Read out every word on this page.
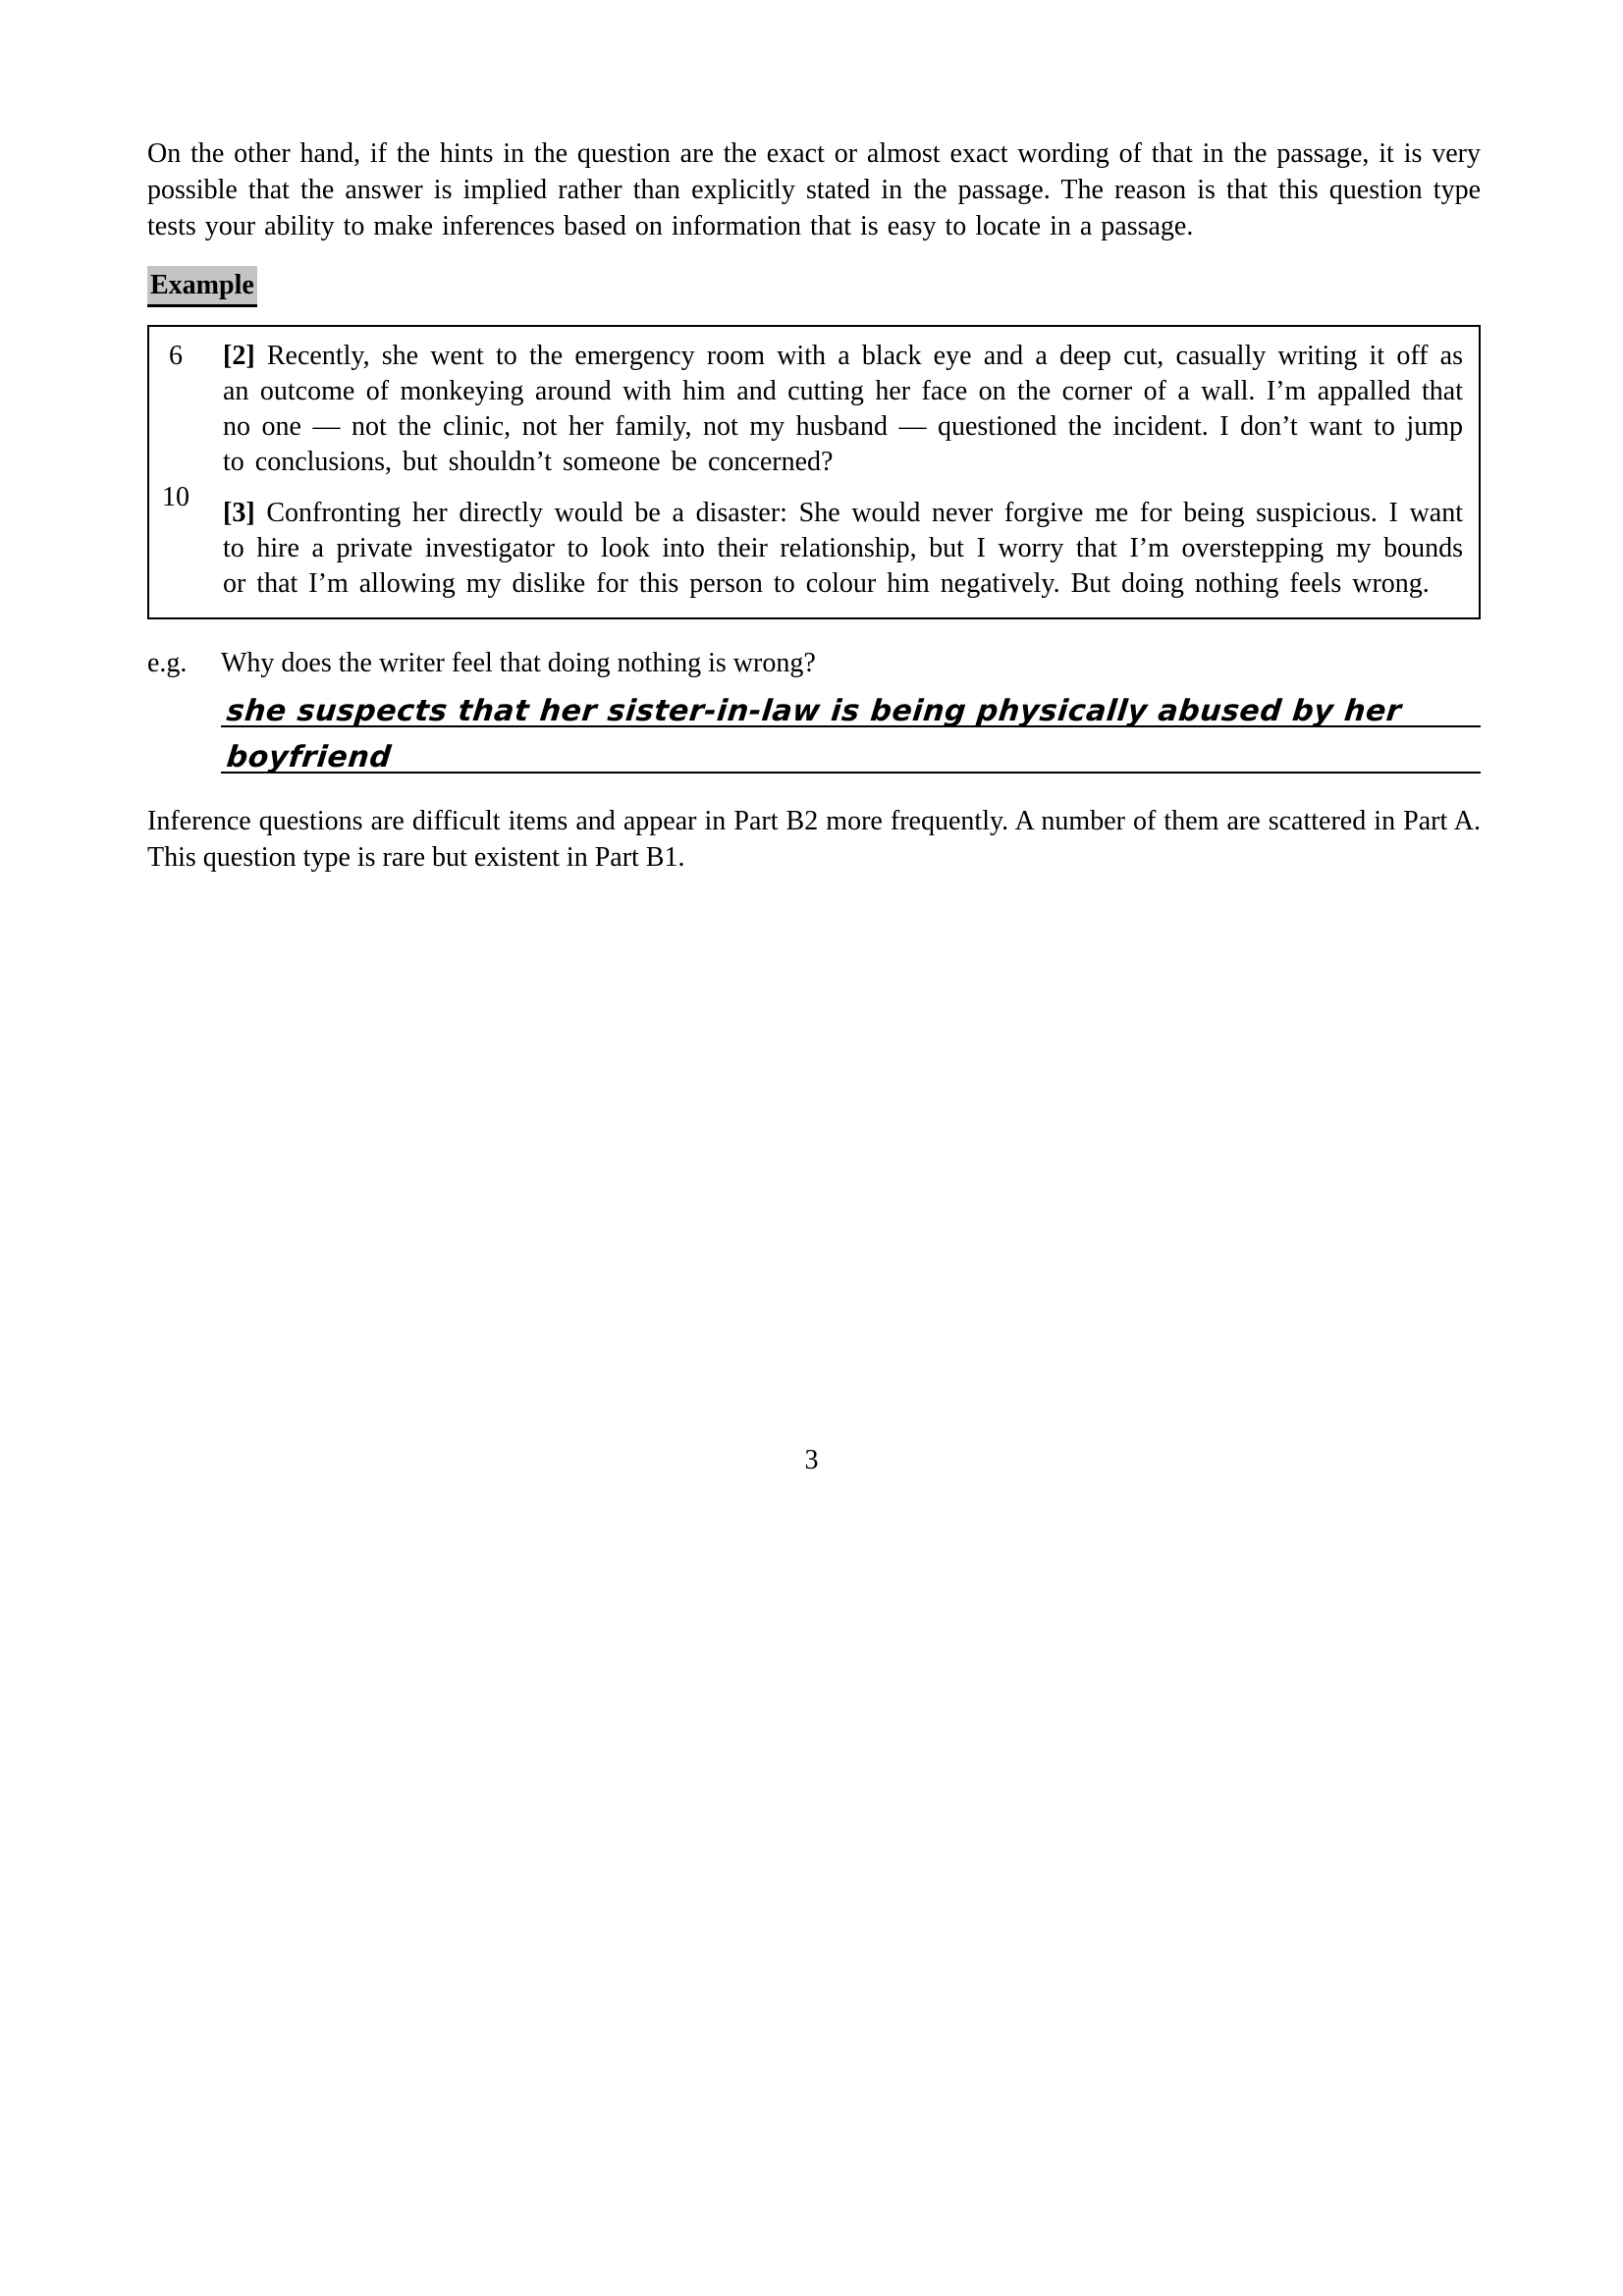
On the other hand, if the hints in the question are the exact or almost exact wording of that in the passage, it is very possible that the answer is implied rather than explicitly stated in the passage. The reason is that this question type tests your ability to make inferences based on information that is easy to locate in a passage.

Example
6
10

[2] Recently, she went to the emergency room with a black eye and a deep cut, casually writing it off as an outcome of monkeying around with him and cutting her face on the corner of a wall. I’m appalled that no one — not the clinic, not her family, not my husband — questioned the incident. I don’t want to jump to conclusions, but shouldn’t someone be concerned?

[3] Confronting her directly would be a disaster: She would never forgive me for being suspicious. I want to hire a private investigator to look into their relationship, but I worry that I’m overstepping my bounds or that I’m allowing my dislike for this person to colour him negatively. But doing nothing feels wrong.

e.g.	Why does the writer feel that doing nothing is wrong?

she suspects that her sister-in-law is being physically abused by her
boyfriend

Inference questions are difficult items and appear in Part B2 more frequently. A number of them are scattered in Part A. This question type is rare but existent in Part B1.

3
